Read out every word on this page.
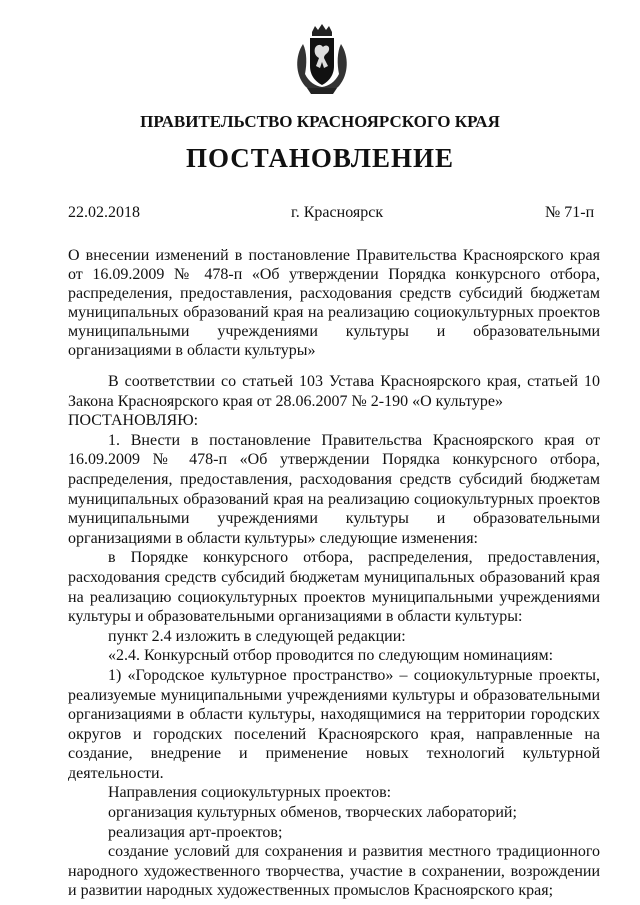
ПРАВИТЕЛЬСТВО КРАСНОЯРСКОГО КРАЯ
ПОСТАНОВЛЕНИЕ
22.02.2018	г. Красноярск	№ 71-п
О внесении изменений в постановление Правительства Красноярского края от 16.09.2009 № 478-п «Об утверждении Порядка конкурсного отбора, распределения, предоставления, расходования средств субсидий бюджетам муниципальных образований края на реализацию социокультурных проектов муниципальными учреждениями культуры и образовательными организациями в области культуры»

В соответствии со статьей 103 Устава Красноярского края, статьей 10 Закона Красноярского края от 28.06.2007 № 2-190 «О культуре»

ПОСТАНОВЛЯЮ:

1. Внести в постановление Правительства Красноярского края от 16.09.2009 № 478-п «Об утверждении Порядка конкурсного отбора, распределения, предоставления, расходования средств субсидий бюджетам муниципальных образований края на реализацию социокультурных проектов муниципальными учреждениями культуры и образовательными организациями в области культуры» следующие изменения:

в Порядке конкурсного отбора, распределения, предоставления, расходования средств субсидий бюджетам муниципальных образований края на реализацию социокультурных проектов муниципальными учреждениями культуры и образовательными организациями в области культуры:

пункт 2.4 изложить в следующей редакции:

«2.4. Конкурсный отбор проводится по следующим номинациям:

1) «Городское культурное пространство» – социокультурные проекты, реализуемые муниципальными учреждениями культуры и образовательными организациями в области культуры, находящимися на территории городских округов и городских поселений Красноярского края, направленные на создание, внедрение и применение новых технологий культурной деятельности.

Направления социокультурных проектов:

организация культурных обменов, творческих лабораторий;

реализация арт-проектов;

создание условий для сохранения и развития местного традиционного народного художественного творчества, участие в сохранении, возрождении и развитии народных художественных промыслов Красноярского края;
